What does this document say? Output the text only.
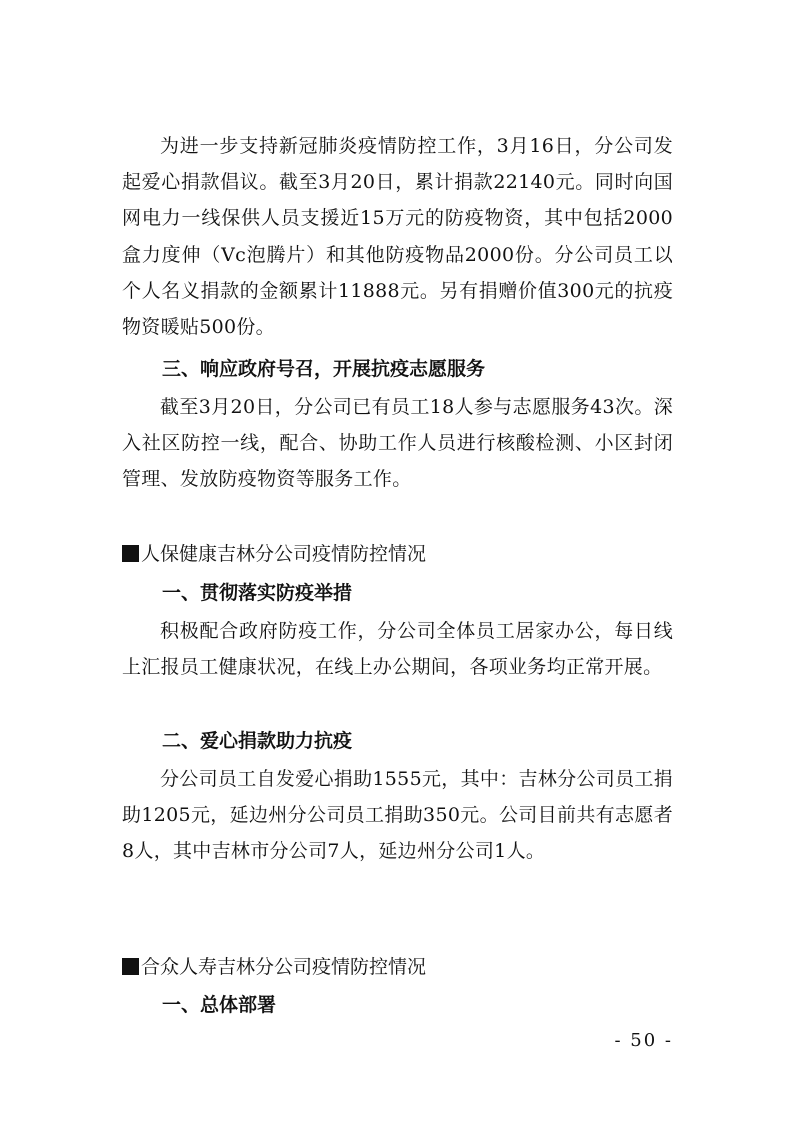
为进一步支持新冠肺炎疫情防控工作，3月16日，分公司发起爱心捐款倡议。截至3月20日，累计捐款22140元。同时向国网电力一线保供人员支援近15万元的防疫物资，其中包括2000盒力度伸（Vc泡腾片）和其他防疫物品2000份。分公司员工以个人名义捐款的金额累计11888元。另有捐赠价值300元的抗疫物资暖贴500份。

三、响应政府号召，开展抗疫志愿服务

截至3月20日，分公司已有员工18人参与志愿服务43次。深入社区防控一线，配合、协助工作人员进行核酸检测、小区封闭管理、发放防疫物资等服务工作。

人保健康吉林分公司疫情防控情况

一、贯彻落实防疫举措

积极配合政府防疫工作，分公司全体员工居家办公，每日线上汇报员工健康状况，在线上办公期间，各项业务均正常开展。

二、爱心捐款助力抗疫

分公司员工自发爱心捐助1555元，其中：吉林分公司员工捐助1205元，延边州分公司员工捐助350元。公司目前共有志愿者8人，其中吉林市分公司7人，延边州分公司1人。

合众人寿吉林分公司疫情防控情况

一、总体部署

- 50 -
